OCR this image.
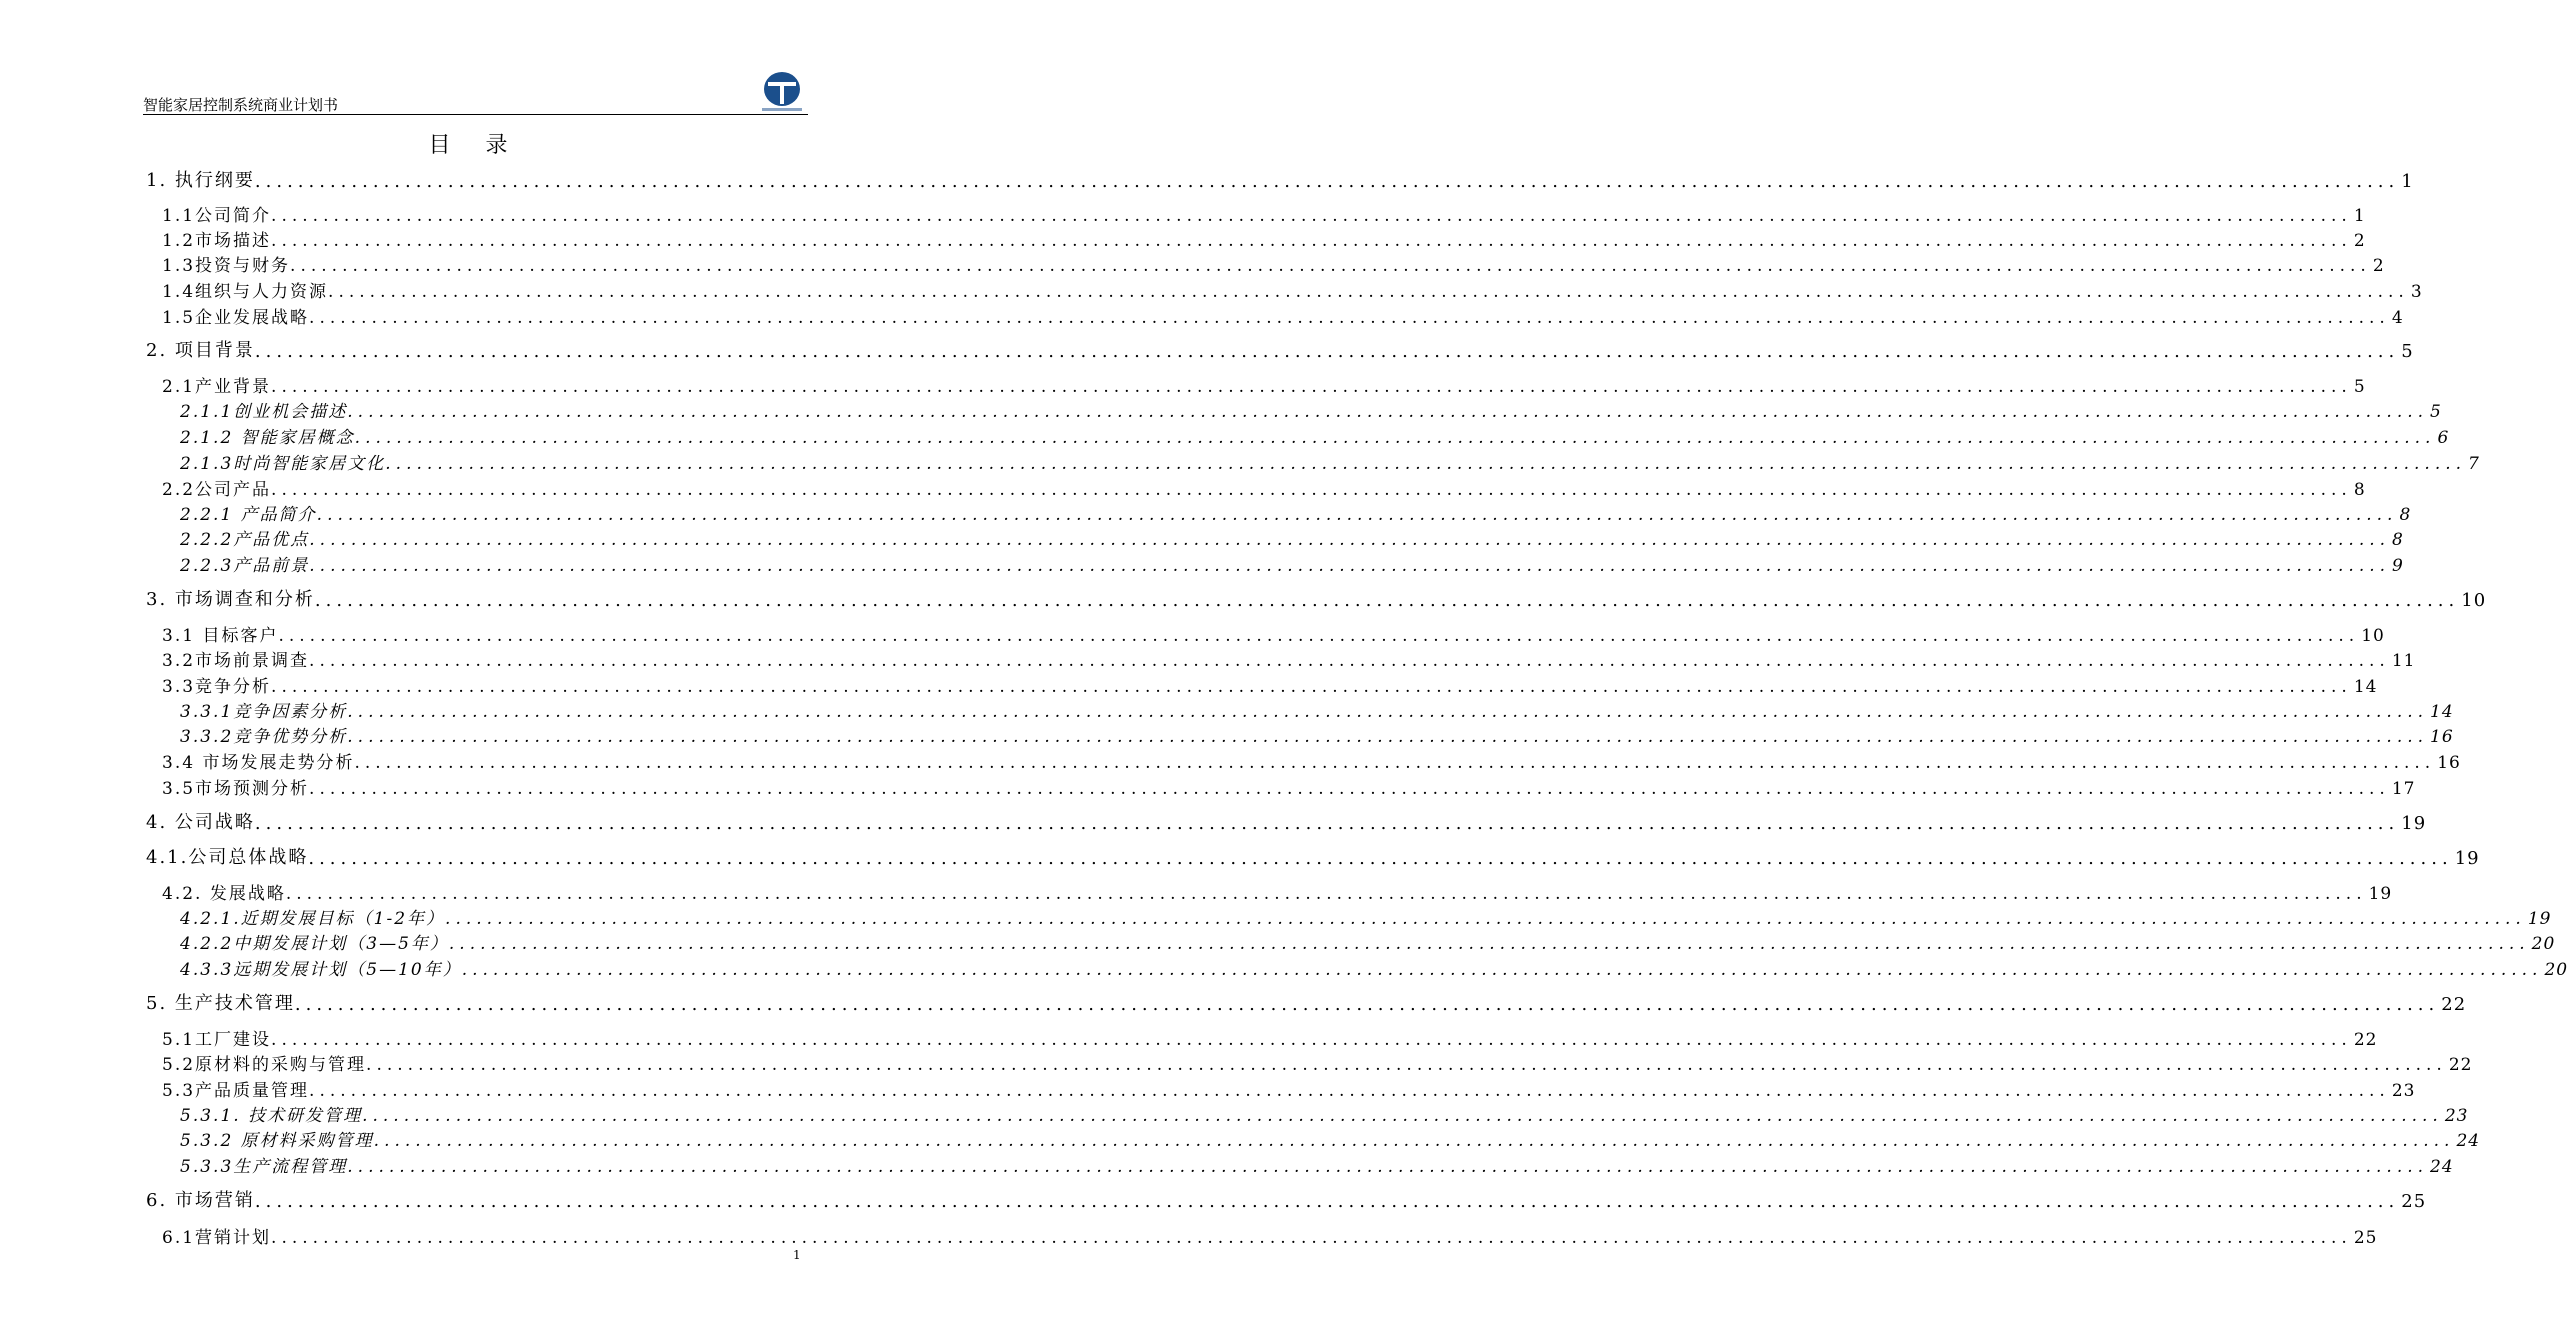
智能家居控制系统商业计划书
目 录
1. 执行纲要 ........................................................................................................................................................................................................ 1
1.1公司简介 ........................................................................................................................................................................................................ 1
1.2市场描述 ........................................................................................................................................................................................................ 2
1.3投资与财务 ........................................................................................................................................................................................................ 2
1.4组织与人力资源 ........................................................................................................................................................................................................ 3
1.5企业发展战略 ........................................................................................................................................................................................................ 4
2. 项目背景 ........................................................................................................................................................................................................ 5
2.1产业背景 ........................................................................................................................................................................................................ 5
2.1.1创业机会描述 ........................................................................................................................................................................................................ 5
2.1.2 智能家居概念 ........................................................................................................................................................................................................ 6
2.1.3时尚智能家居文化 ........................................................................................................................................................................................................ 7
2.2公司产品 ........................................................................................................................................................................................................ 8
2.2.1 产品简介 ........................................................................................................................................................................................................ 8
2.2.2产品优点 ........................................................................................................................................................................................................ 8
2.2.3产品前景 ........................................................................................................................................................................................................ 9
3. 市场调查和分析 ........................................................................................................................................................................................................ 10
3.1 目标客户 ........................................................................................................................................................................................................ 10
3.2市场前景调查 ........................................................................................................................................................................................................ 11
3.3竞争分析 ........................................................................................................................................................................................................ 14
3.3.1竞争因素分析 ........................................................................................................................................................................................................ 14
3.3.2竞争优势分析 ........................................................................................................................................................................................................ 16
3.4 市场发展走势分析 ........................................................................................................................................................................................................ 16
3.5市场预测分析 ........................................................................................................................................................................................................ 17
4. 公司战略 ........................................................................................................................................................................................................ 19
4.1.公司总体战略 ........................................................................................................................................................................................................ 19
4.2. 发展战略 ........................................................................................................................................................................................................ 19
4.2.1.近期发展目标（1-2年） ........................................................................................................................................................................................................ 19
4.2.2中期发展计划（3—5年） ........................................................................................................................................................................................................ 20
4.3.3远期发展计划（5—10年） ........................................................................................................................................................................................................ 20
5. 生产技术管理 ........................................................................................................................................................................................................ 22
5.1工厂建设 ........................................................................................................................................................................................................ 22
5.2原材料的采购与管理 ........................................................................................................................................................................................................ 22
5.3产品质量管理 ........................................................................................................................................................................................................ 23
5.3.1. 技术研发管理 ........................................................................................................................................................................................................ 23
5.3.2 原材料采购管理 ........................................................................................................................................................................................................ 24
5.3.3生产流程管理 ........................................................................................................................................................................................................ 24
6. 市场营销 ........................................................................................................................................................................................................ 25
6.1营销计划 ........................................................................................................................................................................................................ 25
1
